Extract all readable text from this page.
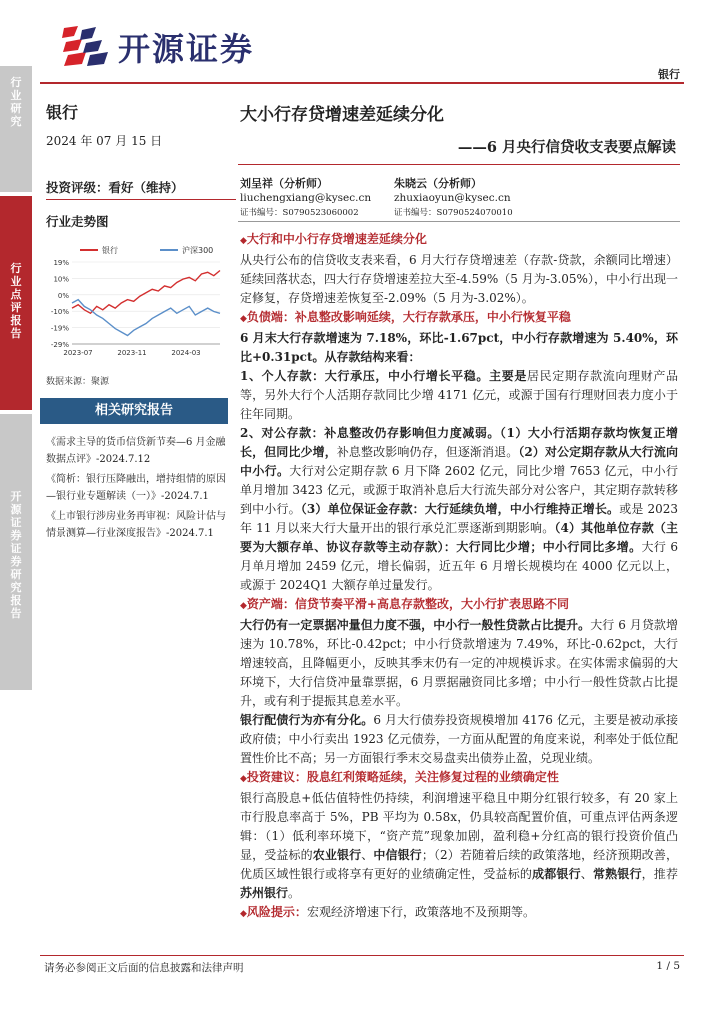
开源证券
银行
行业研究
行业点评报告
开源证券 证券研究报告
银行
2024 年 07 月 15 日
投资评级：看好（维持）
行业走势图
银行	沪深300
19%
10%
0%
-10%
-19%
-29%
2023-07	2023-11	2024-03
数据来源：聚源
相关研究报告

《需求主导的货币信贷新节奏—6 月金融数据点评》-2024.7.12

《简析：银行压降融出，增持组情的原因—银行业专题解读（一）》-2024.7.1

《上市银行涉房业务再审视：风险计估与情景测算—行业深度报告》-2024.7.1

大小行存贷增速差延续分化
——6 月央行信贷收支表要点解读
刘呈祥（分析师）
liuchengxiang@kysec.cn
证书编号：S0790523060002
朱晓云（分析师）
zhuxiaoyun@kysec.cn
证书编号：S0790524070010

◆ 大行和中小行存贷增速差延续分化

从央行公布的信贷收支表来看，6 月大行存贷增速差（存款-贷款，余额同比增速）延续回落状态，四大行存贷增速差拉大至-4.59%（5 月为-3.05%），中小行出现一定修复，存贷增速差恢复至-2.09%（5 月为-3.02%）。

◆ 负债端：补息整改影响延续，大行存款承压，中小行恢复平稳

6 月末大行存款增速为 7.18%，环比-1.67pct，中小行存款增速为 5.40%，环比+0.31pct。从存款结构来看：

1、个人存款：大行承压，中小行增长平稳。主要是居民定期存款流向理财产品等，另外大行个人活期存款同比少增 4171 亿元，或源于国有行理财回表力度小于往年同期。

2、对公存款：补息整改仍存影响但力度减弱。（1）大小行活期存款均恢复正增长，但同比少增，补息整改影响仍存，但逐渐消退。（2）对公定期存款从大行流向中小行。大行对公定期存款 6 月下降 2602 亿元，同比少增 7653 亿元，中小行单月增加 3423 亿元，或源于取消补息后大行流失部分对公客户，其定期存款转移到中小行。（3）单位保证金存款：大行延续负增，中小行维持正增长。或是 2023 年 11 月以来大行大量开出的银行承兑汇票逐渐到期影响。（4）其他单位存款（主要为大额存单、协议存款等主动存款）：大行同比少增；中小行同比多增。大行 6 月单月增加 2459 亿元，增长偏弱，近五年 6 月增长规模均在 4000 亿元以上，或源于 2024Q1 大额存单过量发行。

◆ 资产端：信贷节奏平滑+高息存款整改，大小行扩表思路不同

大行仍有一定票据冲量但力度不强，中小行一般性贷款占比提升。大行 6 月贷款增速为 10.78%，环比-0.42pct；中小行贷款增速为 7.49%，环比-0.62pct，大行增速较高，且降幅更小，反映其季末仍有一定的冲规模诉求。在实体需求偏弱的大环境下，大行信贷冲量靠票据，6 月票据融资同比多增；中小行一般性贷款占比提升，或有利于提振其息差水平。

银行配债行为亦有分化。6 月大行债券投资规模增加 4176 亿元，主要是被动承接政府债；中小行卖出 1923 亿元债券，一方面从配置的角度来说，利率处于低位配置性价比不高；另一方面银行季末交易盘卖出债券止盈，兑现业绩。

◆ 投资建议：股息红利策略延续，关注修复过程的业绩确定性

银行高股息+低估值特性仍持续，利润增速平稳且中期分红银行较多，有 20 家上市行股息率高于 5%，PB 平均为 0.58x，仍具较高配置价值，可重点评估两条逻辑：（1）低利率环境下，“资产荒”现象加剧，盈利稳+分红高的银行投资价值凸显，受益标的农业银行、中信银行；（2）若随着后续的政策落地，经济预期改善，优质区域性银行或将享有更好的业绩确定性，受益标的成都银行、常熟银行，推荐苏州银行。

◆ 风险提示：宏观经济增速下行，政策落地不及预期等。

请务必参阅正文后面的信息披露和法律声明	1 / 5
